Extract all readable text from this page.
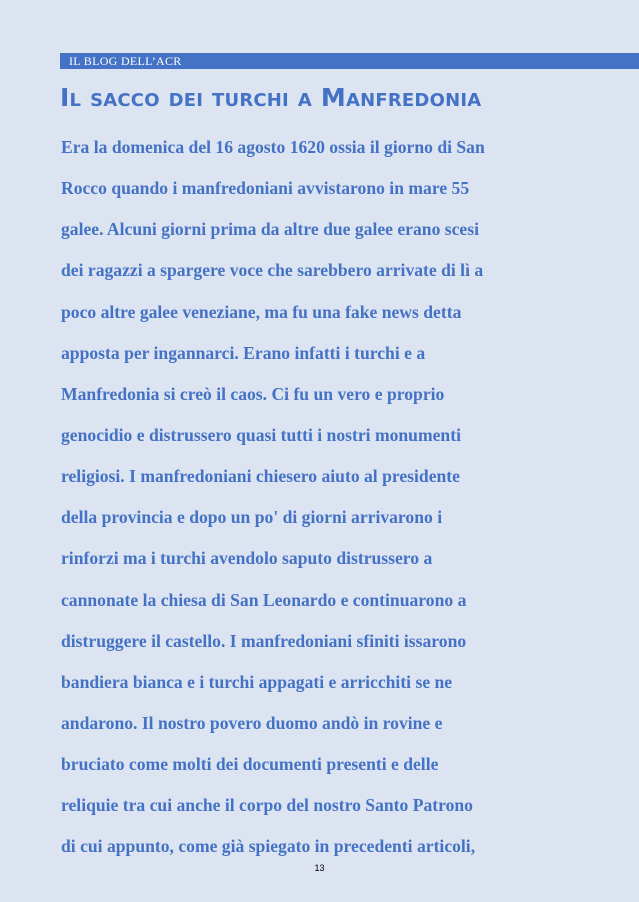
IL BLOG DELL’ACR
Il sacco dei turchi a Manfredonia
Era la domenica del 16 agosto 1620 ossia il giorno di San
Rocco quando i manfredoniani avvistarono in mare 55
galee. Alcuni giorni prima da altre due galee erano scesi
dei ragazzi a spargere voce che sarebbero arrivate di lì a
poco altre galee veneziane, ma fu una fake news detta
apposta per ingannarci. Erano infatti i turchi e a
Manfredonia si creò il caos. Ci fu un vero e proprio
genocidio e distrussero quasi tutti i nostri monumenti
religiosi. I manfredoniani chiesero aiuto al presidente
della provincia e dopo un po' di giorni arrivarono i
rinforzi ma i turchi avendolo saputo distrussero a
cannonate la chiesa di San Leonardo e continuarono a
distruggere il castello. I manfredoniani sfiniti issarono
bandiera bianca e i turchi appagati e arricchiti se ne
andarono. Il nostro povero duomo andò in rovine e
bruciato come molti dei documenti presenti e delle
reliquie tra cui anche il corpo del nostro Santo Patrono
di cui appunto, come già spiegato in precedenti articoli,
13
